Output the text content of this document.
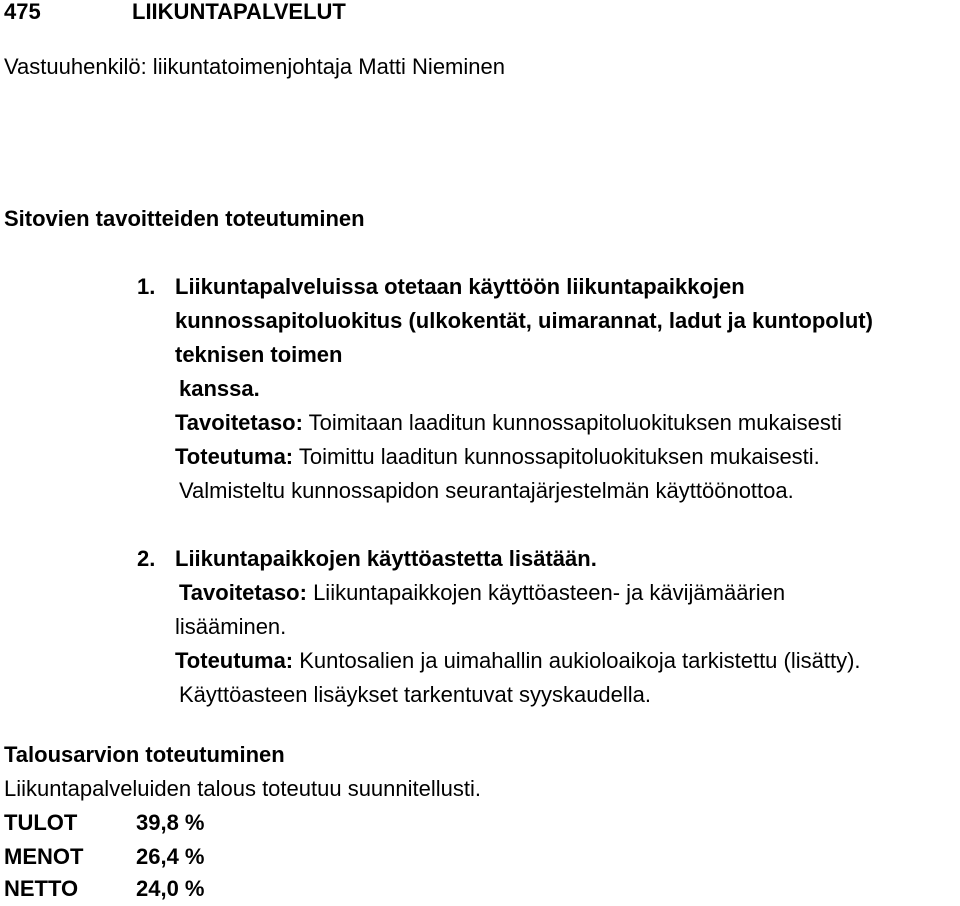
475	LIIKUNTAPALVELUT
Vastuuhenkilö: liikuntatoimenjohtaja Matti Nieminen
Sitovien tavoitteiden toteutuminen
1. Liikuntapalveluissa otetaan käyttöön liikuntapaikkojen
kunnossapitoluokitus (ulkokentät, uimarannat, ladut ja kuntopolut)
teknisen toimen
kanssa.
Tavoitetaso: Toimitaan laaditun kunnossapitoluokituksen mukaisesti
Toteutuma: Toimittu laaditun kunnossapitoluokituksen mukaisesti.
Valmisteltu kunnossapidon seurantajärjestelmän käyttöönottoa.
2. Liikuntapaikkojen käyttöastetta lisätään.
Tavoitetaso: Liikuntapaikkojen käyttöasteen- ja kävijämäärien
lisääminen.
Toteutuma: Kuntosalien ja uimahallin aukioloaikoja tarkistettu (lisätty).
Käyttöasteen lisäykset tarkentuvat syyskaudella.
Talousarvion toteutuminen
Liikuntapalveluiden talous toteutuu suunnitellusti.
TULOT	39,8 %
MENOT 26,4 %
NETTO	24,0 %
